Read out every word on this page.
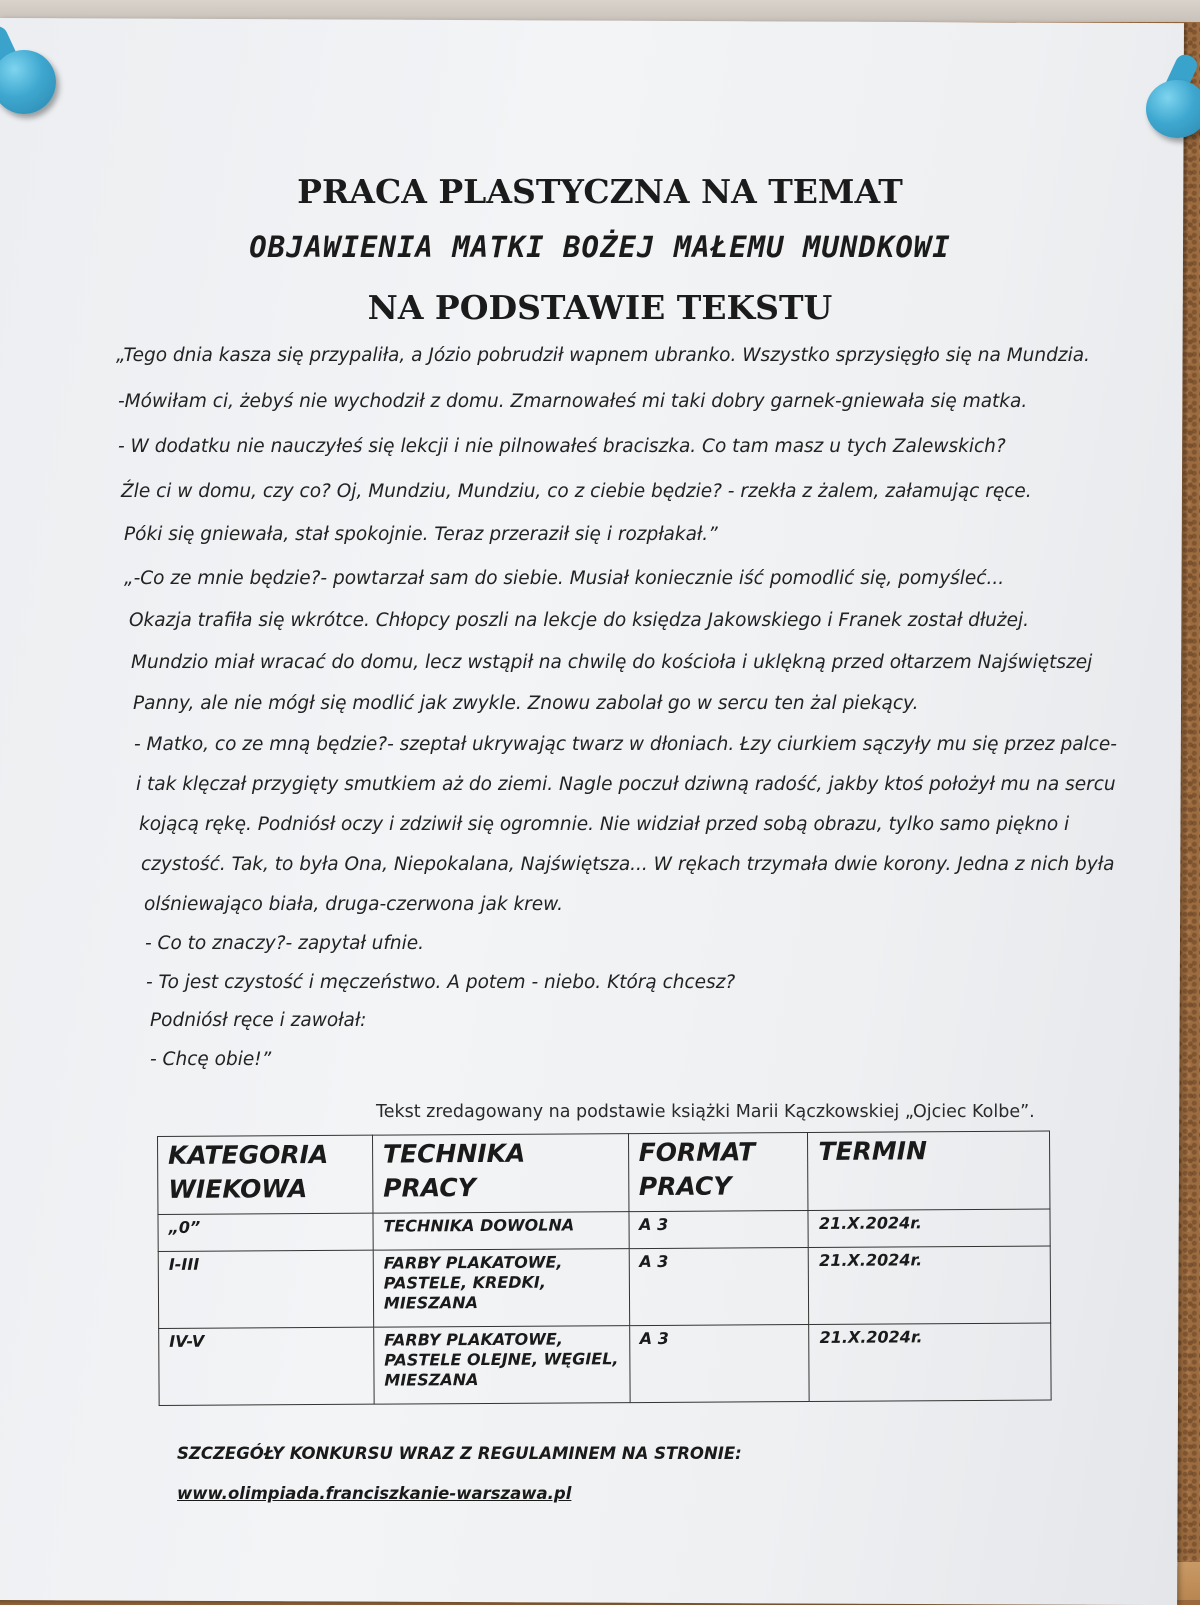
PRACA PLASTYCZNA NA TEMAT
OBJAWIENIA MATKI BOŻEJ MAŁEMU MUNDKOWI
NA PODSTAWIE TEKSTU
„Tego dnia kasza się przypaliła, a Józio pobrudził wapnem ubranko. Wszystko sprzysięgło się na Mundzia.
-Mówiłam ci, żebyś nie wychodził z domu. Zmarnowałeś mi taki dobry garnek-gniewała się matka.
- W dodatku nie nauczyłeś się lekcji i nie pilnowałeś braciszka. Co tam masz u tych Zalewskich?
Źle ci w domu, czy co? Oj, Mundziu, Mundziu, co z ciebie będzie? - rzekła z żalem, załamując ręce.
Póki się gniewała, stał spokojnie. Teraz przeraził się i rozpłakał.”
„-Co ze mnie będzie?- powtarzał sam do siebie. Musiał koniecznie iść pomodlić się, pomyśleć...
Okazja trafiła się wkrótce. Chłopcy poszli na lekcje do księdza Jakowskiego i Franek został dłużej.
Mundzio miał wracać do domu, lecz wstąpił na chwilę do kościoła i uklękną przed ołtarzem Najświętszej
Panny, ale nie mógł się modlić jak zwykle. Znowu zabolał go w sercu ten żal piekący.
- Matko, co ze mną będzie?- szeptał ukrywając twarz w dłoniach. Łzy ciurkiem sączyły mu się przez palce-
i tak klęczał przygięty smutkiem aż do ziemi. Nagle poczuł dziwną radość, jakby ktoś położył mu na sercu
kojącą rękę. Podniósł oczy i zdziwił się ogromnie. Nie widział przed sobą obrazu, tylko samo piękno i
czystość. Tak, to była Ona, Niepokalana, Najświętsza... W rękach trzymała dwie korony. Jedna z nich była
olśniewająco biała, druga-czerwona jak krew.
- Co to znaczy?- zapytał ufnie.
- To jest czystość i męczeństwo. A potem - niebo. Którą chcesz?
Podniósł ręce i zawołał:
- Chcę obie!”
Tekst zredagowany na podstawie książki Marii Kączkowskiej „Ojciec Kolbe”.
KATEGORIA WIEKOWA	TECHNIKA PRACY	FORMAT PRACY	TERMIN
„0”	TECHNIKA DOWOLNA	A 3	21.X.2024r.
I-III	FARBY PLAKATOWE, PASTELE, KREDKI, MIESZANA	A 3	21.X.2024r.
IV-V	FARBY PLAKATOWE, PASTELE OLEJNE, WĘGIEL, MIESZANA	A 3	21.X.2024r.
SZCZEGÓŁY KONKURSU WRAZ Z REGULAMINEM NA STRONIE:
www.olimpiada.franciszkanie-warszawa.pl
